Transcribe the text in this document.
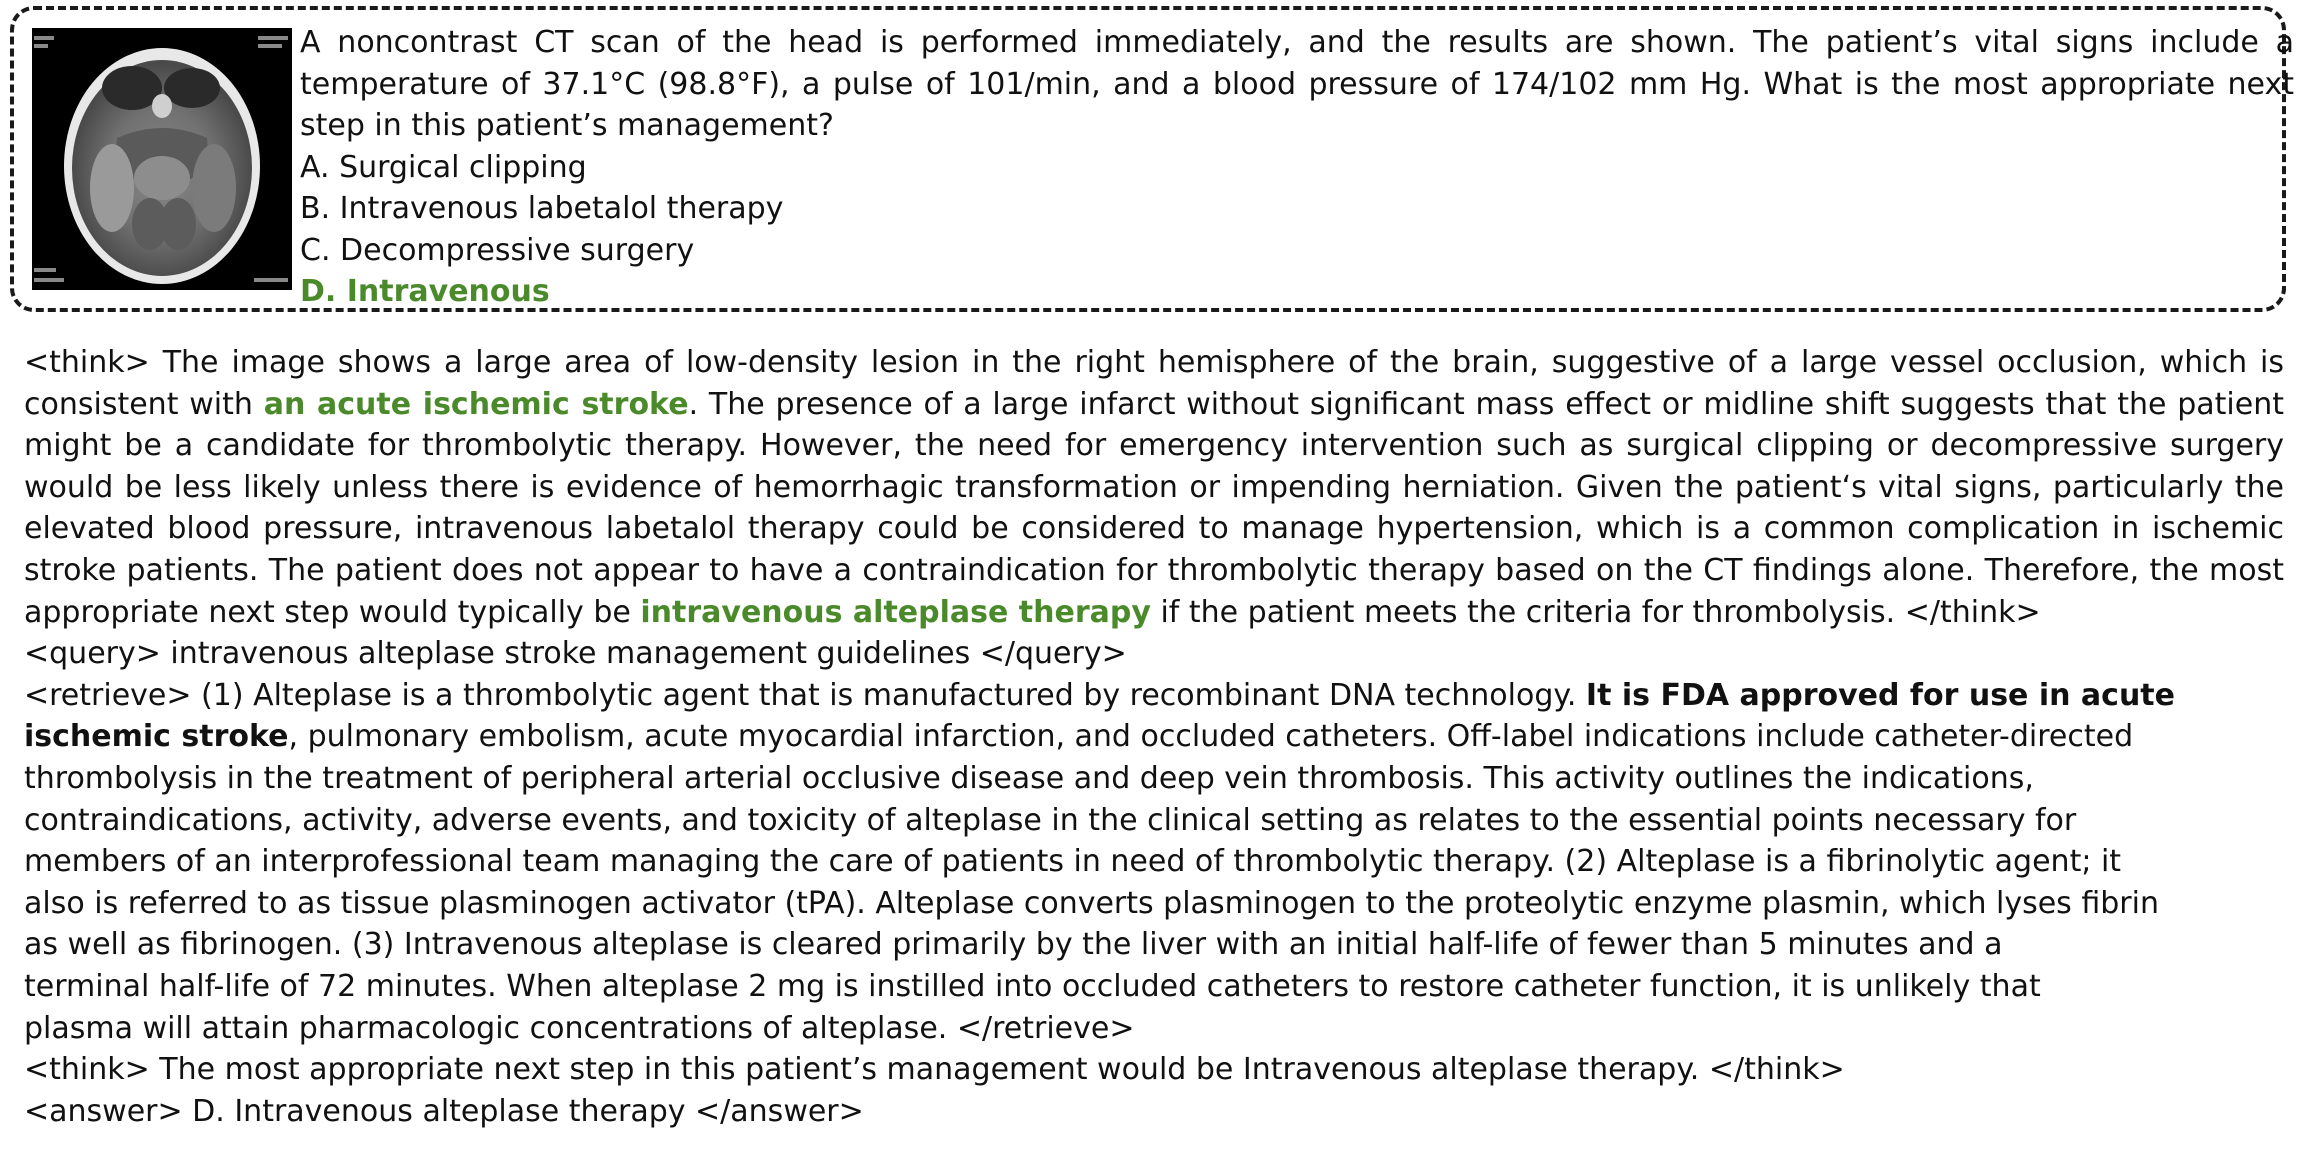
A noncontrast CT scan of the head is performed immediately, and the results are shown. The patient’s vital signs include a temperature of 37.1°C (98.8°F), a pulse of 101/min, and a blood pressure of 174/102 mm Hg. What is the most appropriate next step in this patient’s management?
A. Surgical clipping
B. Intravenous labetalol therapy
C. Decompressive surgery
D. Intravenous
<think> The image shows a large area of low-density lesion in the right hemisphere of the brain, suggestive of a large vessel occlusion, which is consistent with an acute ischemic stroke. The presence of a large infarct without significant mass effect or midline shift suggests that the patient might be a candidate for thrombolytic therapy. However, the need for emergency intervention such as surgical clipping or decompressive surgery would be less likely unless there is evidence of hemorrhagic transformation or impending herniation. Given the patient‘s vital signs, particularly the elevated blood pressure, intravenous labetalol therapy could be considered to manage hypertension, which is a common complication in ischemic stroke patients. The patient does not appear to have a contraindication for thrombolytic therapy based on the CT findings alone. Therefore, the most appropriate next step would typically be intravenous alteplase therapy if the patient meets the criteria for thrombolysis. </think>
<query> intravenous alteplase stroke management guidelines </query>
<retrieve> (1) Alteplase is a thrombolytic agent that is manufactured by recombinant DNA technology. It is FDA approved for use in acute
ischemic stroke, pulmonary embolism, acute myocardial infarction, and occluded catheters. Off-label indications include catheter-directed
thrombolysis in the treatment of peripheral arterial occlusive disease and deep vein thrombosis. This activity outlines the indications,
contraindications, activity, adverse events, and toxicity of alteplase in the clinical setting as relates to the essential points necessary for
members of an interprofessional team managing the care of patients in need of thrombolytic therapy. (2) Alteplase is a fibrinolytic agent; it
also is referred to as tissue plasminogen activator (tPA). Alteplase converts plasminogen to the proteolytic enzyme plasmin, which lyses fibrin
as well as fibrinogen. (3) Intravenous alteplase is cleared primarily by the liver with an initial half-life of fewer than 5 minutes and a
terminal half-life of 72 minutes. When alteplase 2 mg is instilled into occluded catheters to restore catheter function, it is unlikely that
plasma will attain pharmacologic concentrations of alteplase. </retrieve>
<think> The most appropriate next step in this patient’s management would be Intravenous alteplase therapy. </think>
<answer> D. Intravenous alteplase therapy </answer>
